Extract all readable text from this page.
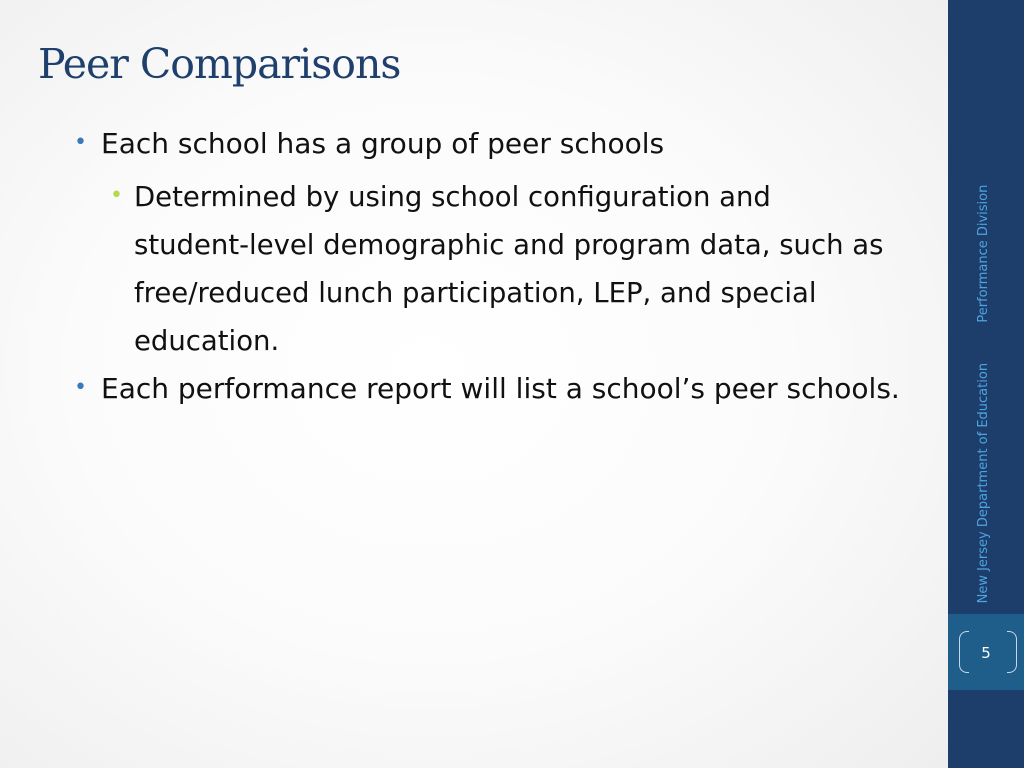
Peer Comparisons
• Each school has a group of peer schools
• Determined by using school configuration and student-level demographic and program data, such as free/reduced lunch participation, LEP, and special education.
• Each performance report will list a school’s peer schools.	New Jersey Department of Education  Performance Division
5
